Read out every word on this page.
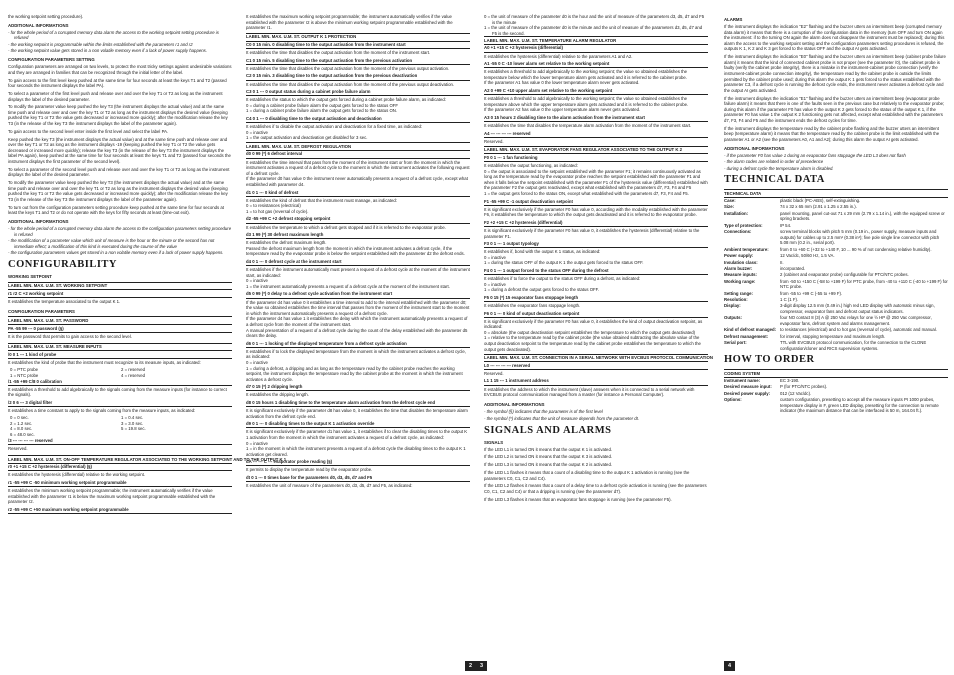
the working setpoint setting procedure).

ADDITIONAL INFORMATIONS
- for the whole period of a corrupted memory data alarm the access to the working setpoint setting procedure is refused
- the working setpoint is programmable within the limits established with the parameters r1 and r2
- the working setpoint value gets stored in a non volatile memory even if a lack of power supply happens.
CONFIGURATION PARAMETERS SETTING

Configuration parameters are arranged on two levels, to protect the most tricky settings against undesirable variations and they are arranged in families that can be recognized through the initial letter of the label.

To gain access to the first level keep pushed at the same time for four seconds at least the keys T1 and T2 (passed four seconds the instrument displays the label PA).

To select a parameter of the first level push and release over and over the key T1 or T2 as long as the instrument displays the label of the desired parameter.

To modify the parameter value keep pushed the key T3 (the instrument displays the actual value) and at the same time push and release over and over the key T1 or T2 as long as the instrument displays the desired value (keeping pushed the key T1 or T2 the value gets decreased or increased more quickly); after the modification release the key T3 (in the release of the key T3 the instrument displays the label of the parameter again).

To gain access to the second level enter inside the first level and select the label PA.

Keep pushed the key T3 (the instrument displays the actual value) and at the same time push and release over and over the key T1 or T2 as long as the instrument displays -19 (keeping pushed the key T1 or T2 the value gets decreased or increased more quickly); release the key T3 (in the release of the key T3 the instrument displays the label PA again), keep pushed at the same time for four seconds at least the keys T1 and T2 (passed four seconds the instrument displays the first parameter of the second level).

To select a parameter of the second level push and release over and over the key T1 or T2 as long as the instrument displays the label of the desired parameter.

To modify the parameter value keep pushed the key T3 (the instrument displays the actual value) and at the same time push and release over and over the key T1 or T2 as long as the instrument displays the desired value (keeping pushed the key T1 or T2 the value gets decreased or increased more quickly); after the modification release the key T3 (in the release of the key T3 the instrument displays the label of the parameter again).

To turn out from the configuration parameters setting procedure keep pushed at the same time for four seconds at least the keys T1 and T2 or do not operate with the keys for fifty seconds at least (time-out exit).

ADDITIONAL INFORMATIONS
- for the whole period of a corrupted memory data alarm the access to the configuration parameters setting procedure is refused
- the modification of a parameter value which unit of measure is the hour or the minute or the second has not immediate effect; a modification of this kind is executed during the course of the value
- the configuration parameters values get stored in a non volatile memory even if a lack of power supply happens.
CONFIGURABILITY
WORKING SETPOINT
LABEL MIN. MAX. U.M. ST. WORKING SETPOINT
r1 r2 C +2 working setpoint
It establishes the temperature associated to the output K 1.
CONFIGURATION PARAMETERS
LABEL MIN. MAX. U.M. ST. PASSWORD
PA -55 99 --- 0 password (§)
It is the password that permits to gain access to the second level.
LABEL MIN. MAX. U.M. ST. MEASURE INPUTS
/0 0 1 --- 1 kind of probe
It establishes the kind of probe that the instrument must recognize to its measure inputs, as indicated:
0 = PTC probe	2 = reserved
1 = NTC probe	4 = reserved
/1 -55 +99 C/8 0 calibration
It establishes a threshold to add algebraically to the signals coming from the measure inputs (for instance to correct the signals).
/2 0 6 --- 3 digital filter
It establishes a time constant to apply to the signals coming from the measure inputs, as indicated:
0 = 0 sec.	1 = 0.4 sec.
2 = 1.2 sec.	3 = 3.0 sec.
4 = 8.0 sec.	5 = 19.8 sec.
6 = 48.0 sec.
/3 --- --- --- --- reserved
Reserved.
LABEL MIN. MAX. U.M. ST. ON-OFF TEMPERATURE REGULATOR ASSOCIATED TO THE WORKING SETPOINT AND TO THE OUTPUT K 1
r0 +1 +15 C +2 hysteresis (differential) (§)
It establishes the hysteresis (differential) relative to the working setpoint.
r1 -55 +99 C -50 minimum working setpoint programmable
It establishes the minimum working setpoint programmable; the instrument automatically verifies if the value established with the parameter r1 is below the maximum working setpoint programmable established with the parameter r2.
r2 -55 +99 C +50 maximum working setpoint programmable

It establishes the maximum working setpoint programmable; the instrument automatically verifies if the value established with the parameter r2 is above the minimum working setpoint programmable established with the parameter r1.

LABEL MIN. MAX. U.M. ST. OUTPUT K 1 PROTECTION
C0 0 15 min. 0 disabling time to the output activation from the instrument start
It establishes the time that disables the output activation from the moment of the instrument start.
C1 0 15 min. 5 disabling time to the output activation from the previous activation
It establishes the time that disables the output activation from the moment of the previous output activation.
C2 0 15 min. 3 disabling time to the output activation from the previous deactivation
It establishes the time that disables the output activation from the moment of the previous output deactivation.
C3 0 1 --- 0 output status during a cabinet probe failure alarm
It establishes the status to which the output gets forced during a cabinet probe failure alarm, as indicated:
0 = during a cabinet probe failure alarm the output gets forced to the status OFF
1 = during a cabinet probe failure alarm the output gets forced to the status ON.
C4 0 1 --- 0 disabling time to the output activation and deactivation
It establishes if to disable the output activation and deactivation for a fixed time, as indicated:
0 = inactive
1 = the output activation and deactivation get disabled for 3 sec.
LABEL MIN. MAX. U.M. ST. DEFROST REGULATION
d0 0 99 (*) 6 defrost interval
It establishes the time interval that pass from the moment of the instrument start or from the moment in which the instrument activates a request of a defrost cycle to the moment in which the instrument activates the following request of a defrost cycle.
If the parameter d0 has value 0 the instrument never automatically presents a request of a defrost cycle, except what established with parameter d4.
d1 0 1 --- 0 kind of defrost
It establishes the kind of defrost that the instrument must manage, as indicated:
0 = to resistances (electrical)
1 = to hot gas (reversal of cycle).
d2 -55 +99 C +2 defrost stopping setpoint
It establishes the temperature to which a defrost gets stopped and if it is referred to the evaporator probe.
d3 1 99 (*) 30 defrost maximum length
It establishes the defrost maximum length.
Passed the defrost maximum length from the moment in which the instrument activates a defrost cycle, if the temperature read by the evaporator probe is below the setpoint established with the parameter d2 the defrost ends.
d4 0 1 --- 0 defrost cycle at the instrument start
It establishes if the instrument automatically must present a request of a defrost cycle at the moment of the instrument start, as indicated:
0 = inactive
1 = the instrument automatically presents a request of a defrost cycle at the moment of the instrument start.
d5 0 99 (*) 0 delay to a defrost cycle activation from the instrument start
If the parameter d4 has value 0 it establishes a time interval to add to the interval established with the parameter d0; the value so obtained establishes the time interval that passes from the moment of the instrument start to the moment in which the instrument automatically presents a request of a defrost cycle.
If the parameter d4 has value 1 it establishes the delay with which the instrument automatically presents a request of a defrost cycle from the moment of the instrument start.
A manual presentation of a request of a defrost cycle during the count of the delay established with the parameter d5 clears the delay.
d6 0 1 --- 1 locking of the displayed temperature from a defrost cycle activation
It establishes if to lock the displayed temperature from the moment in which the instrument activates a defrost cycle, as indicated:
0 = inactive
1 = during a defrost, a dripping and as long as the temperature read by the cabinet probe reaches the working setpoint, the instrument displays the temperature read by the cabinet probe at the moment in which the instrument activates a defrost cycle.
d7 0 15 (*) 2 dripping length
It establishes the dripping length.
d8 0 15 hours 1 disabling time to the temperature alarm activation from the defrost cycle end
It is significant exclusively if the parameter d8 has value 0, it establishes the time that disables the temperature alarm activation from the defrost cycle end.
d9 0 1 --- 0 disabling times to the output K 1 activation override
It is significant exclusively if the parameter d1 has value 1, it establishes if to clear the disabling times to the output K 1 activation from the moment in which the instrument activates a request of a defrost cycle, as indicated:
0 = inactive
1 = in the moment in which the instrument presents a request of a defrost cycle the disabling times to the output K 1 activation get cleared.
dA --- --- C --- evaporator probe reading (§)
It permits to display the temperature read by the evaporator probe.
dt 0 1 --- 0 times base for the parameters d0, d3, d5, d7 and F5
It establishes the unit of measure of the parameters d0, d3, d5, d7 and F5, as indicated:
2
0 = the unit of measure of the parameter d0 is the hour and the unit of measure of the parameters d3, d5, d7 and F5 is the minute
1 = the unit of measure of the parameter d0 is the minute and the unit of measure of the parameters d3, d5, d7 and F5 is the second.
LABEL MIN. MAX. U.M. ST. TEMPERATURE ALARM REGULATOR
A0 +1 +15 C +2 hysteresis (differential)
It establishes the hysteresis (differential) relative to the parameters A1 and A2.
A1 -55 0 C -10 lower alarm set relative to the working setpoint
It establishes a threshold to add algebraically to the working setpoint; the value so obtained establishes the temperature below which the lower temperature alarm gets activated and it is referred to the cabinet probe.
If the parameter A1 has value 0 the lower temperature alarm never gets activated.
A2 0 +99 C +10 upper alarm set relative to the working setpoint
It establishes a threshold to add algebraically to the working setpoint; the value so obtained establishes the temperature above which the upper temperature alarm gets activated and it is referred to the cabinet probe.
If the parameter A2 has value 0 the upper temperature alarm never gets activated.
A3 0 15 hours 2 disabling time to the alarm activation from the instrument start
It establishes the time that disables the temperature alarm activation from the moment of the instrument start.
A4 --- --- --- --- reserved
Reserved.
LABEL MIN. MAX. U.M. ST. EVAPORATOR FANS REGULATOR ASSOCIATED TO THE OUTPUT K 2
F0 0 1 --- 1 fan functioning
It establishes the output functioning, as indicated:
0 = the output is associated to the setpoint established with the parameter F1; it remains continuously activated as long as the temperature read by the evaporator probe reaches the setpoint established with the parameter F1 and when it falls below the setpoint established with the parameter F1 of the hysteresis value (differential) established with the parameter F2 the output gets reactivated, except what established with the parameters d7, F3, F4 and F5
1 = the output gets forced to the status ON, except what established with the parameters d7, F3, F4 and F5.
F1 -55 +99 C -1 output deactivation setpoint
It is significant exclusively if the parameter F0 has value 0, according with the modality established with the parameter F6, it establishes the temperature to which the output gets deactivated and it is referred to the evaporator probe.
F2 +2 +15 C +2 hysteresis (differential)
It is significant exclusively if the parameter F0 has value 0, it establishes the hysteresis (differential) relative to the parameter F1.
F3 0 1 --- 1 output typology
It establishes if, bond with the output K 1 status, as indicated:
0 = inactive
1 = during the status OFF of the output K 1 the output gets forced to the status OFF.
F4 0 1 --- 1 output forced to the status OFF during the defrost
It establishes if to force the output to the status OFF during a defrost, as indicated:
0 = inactive
1 = during a defrost the output gets forced to the status OFF.
F5 0 15 (*) 15 evaporator fans stoppage length
It establishes the evaporator fans stoppage length.
F6 0 1 --- 0 kind of output deactivation setpoint
It is significant exclusively if the parameter F0 has value 0, it establishes the kind of output deactivation setpoint, as indicated:
0 = absolute (the output deactivation setpoint establishes the temperature to which the output gets deactivated)
1 = relative to the temperature read by the cabinet probe (the value obtained subtracting the absolute value of the output deactivation setpoint to the temperature read by the cabinet probe establishes the temperature to which the output gets deactivated).
LABEL MIN. MAX. U.M. ST. CONNECTION IN A SERIAL NETWORK WITH EVCBUS PROTOCOL COMMUNICATION
L0 --- --- --- --- reserved
Reserved.
L1 1 15 --- 1 instrument address
It establishes the address to which the instrument (slave) answers when it is connected to a serial network with EVCBUS protocol communication managed from a master (for instance a Personal Computer).
ADDITIONAL INFORMATIONS
- the symbol (§) indicates that the parameter is of the first level
- the symbol (*) indicates that the unit of measure depends from the parameter dt.
SIGNALS AND ALARMS
SIGNALS

If the LED L1 is turned ON it means that the output K 1 is activated.

If the LED L2 is turned ON it means that the output K 3 is activated.

If the LED L3 is turned ON it means that the output K 2 is activated.

If the LED L1 flashes it means that a count of a disabling time to the output K 1 activation is running (see the parameters C0, C1, C2 and C4).

If the LED L2 flashes it means that a count of a delay time to a defrost cycle activation is running (see the parameters C0, C1, C2 and C4) or that a dripping is running (see the parameter d7).

If the LED L3 flashes it means that an evaporator fans stoppage is running (see the parameter F5).

3
ALARMS

If the instrument displays the indication "E2" flashing and the buzzer utters an intermittent beep (corrupted memory data alarm) it means that there is a corruption of the configuration data in the memory (turn OFF and turn ON again the instrument: if to the turning ON again the alarm does not disappear the instrument must be replaced); during this alarm the access to the working setpoint setting and the configuration parameters setting procedures is refused, the outputs K 1, K 2 and K 3 get forced to the status OFF and the output AI gets activated.

If the instrument displays the indication "E0" flashing and the buzzer utters an intermittent beep (cabinet probe failure alarm) it means that the kind of connected cabinet probe is not proper (see the parameter /0), the cabinet probe is faulty (verify the cabinet probe integrity), there is a mistake in the instrument-cabinet probe connection (verify the instrument-cabinet probe connection integrity), the temperature read by the cabinet probe is outside the limits permitted by the cabinet probe used; during this alarm the output K 1 gets forced to the status established with the parameter C3, if a defrost cycle is running the defrost cycle ends, the instrument never activates a defrost cycle and the output AI gets activated.

If the instrument displays the indication "E1" flashing and the buzzer utters an intermittent beep (evaporator probe failure alarm) it means that there is one of the faults seen in the previous case but relatively to the evaporator probe; during this alarm if the parameter F0 has value 0 the output K 2 gets forced to the status of the output K 1, if the parameter F0 has value 1 the output K 2 functioning gets not affected, except what established with the parameters d7, F3, F4 and F5 and the instrument ends the defrost cycles for time.

If the instrument displays the temperature read by the cabinet probe flashing and the buzzer utters an intermittent beep (temperature alarm) it means that the temperature read by the cabinet probe is the limit established with the parameter A1 or A2 (see the parameters A0, A1 and A2); during this alarm the output AI gets activated.

ADDITIONAL INFORMATIONS
- if the parameter F0 has value 1 during an evaporator fans stoppage the LED L3 does not flash
- the alarm codes are related in order of precedence
- during a defrost cycle the temperature alarm is disabled.
TECHNICAL DATA
TECHNICAL DATA
Case:	plastic black (PC-ABS), self-extinguishing.
Size:	74 x 32 x 65 mm (2.91 x 1.25 x 2.55 in.).
Installation:	panel mounting, panel cut-out 71 x 29 mm (2.79 x 1.14 in.), with the equipped screw or spring brackets.
Type of protection:	IP 54.
Connections:	screw terminal blocks with pitch 5 mm (0.19 in., power supply, measure inputs and outputs) for cables up to 2.5 mm² (0.38 in²); five pole single line connector with pitch 5.08 mm (0.2 in., serial port).
Ambient temperature:	from 0 to +60 C (+32 to +140 F, 10 ... 90 % of not condensing relative humidity).
Power supply:	12 Vac/dc, 50/60 Hz, 1.5 VA.
Insulation class:	II.
Alarm buzzer:	incorporated.
Measure inputs:	2 (cabinet and evaporator probe) configurable for PTC/NTC probes.
Working range:	from -50 to +150 C (-58 to +199 F) for PTC probe, from -40 to +110 C (-40 to +199 F) for NTC probe.
Setting range:	from -55 to +99 C (-55 to +99 F).
Resolution:	1 C (1 F).
Display:	3-digit display 12.5 mm (0.49 in.) high red LED display with automatic minus sign, compressor, evaporator fans and defrost output status indicators.
Outputs:	four NO contact 8 (3) A @ 250 Vac relays for one ½ HP @ 250 Vac compressor, evaporator fans, defrost system and alarms management.
Kind of defrost managed: to resistances (electrical) and to hot gas (reversal of cycle), automatic and manual.
Defrost management:	for interval, stopping temperature and maximum length.
Serial port:	TTL with EVCBUS protocol communication, for the connection to the CLONE configuration/cloner and RICS supervision systems.
HOW TO ORDER
CODING SYSTEM
Instrument name:	EC 3-190.
Desired measure input:	P (for PTC/NTC probes).
Desired power supply:	012 (12 Vac/dc).
Options:	custom configuration, presetting to accept all the measure inputs PI 1000 probes, temperature display in F, green LED display, presetting for the connection to remote indicator (the maximum distance that can be interfaced is 50 m, 164.04 ft.).
4
